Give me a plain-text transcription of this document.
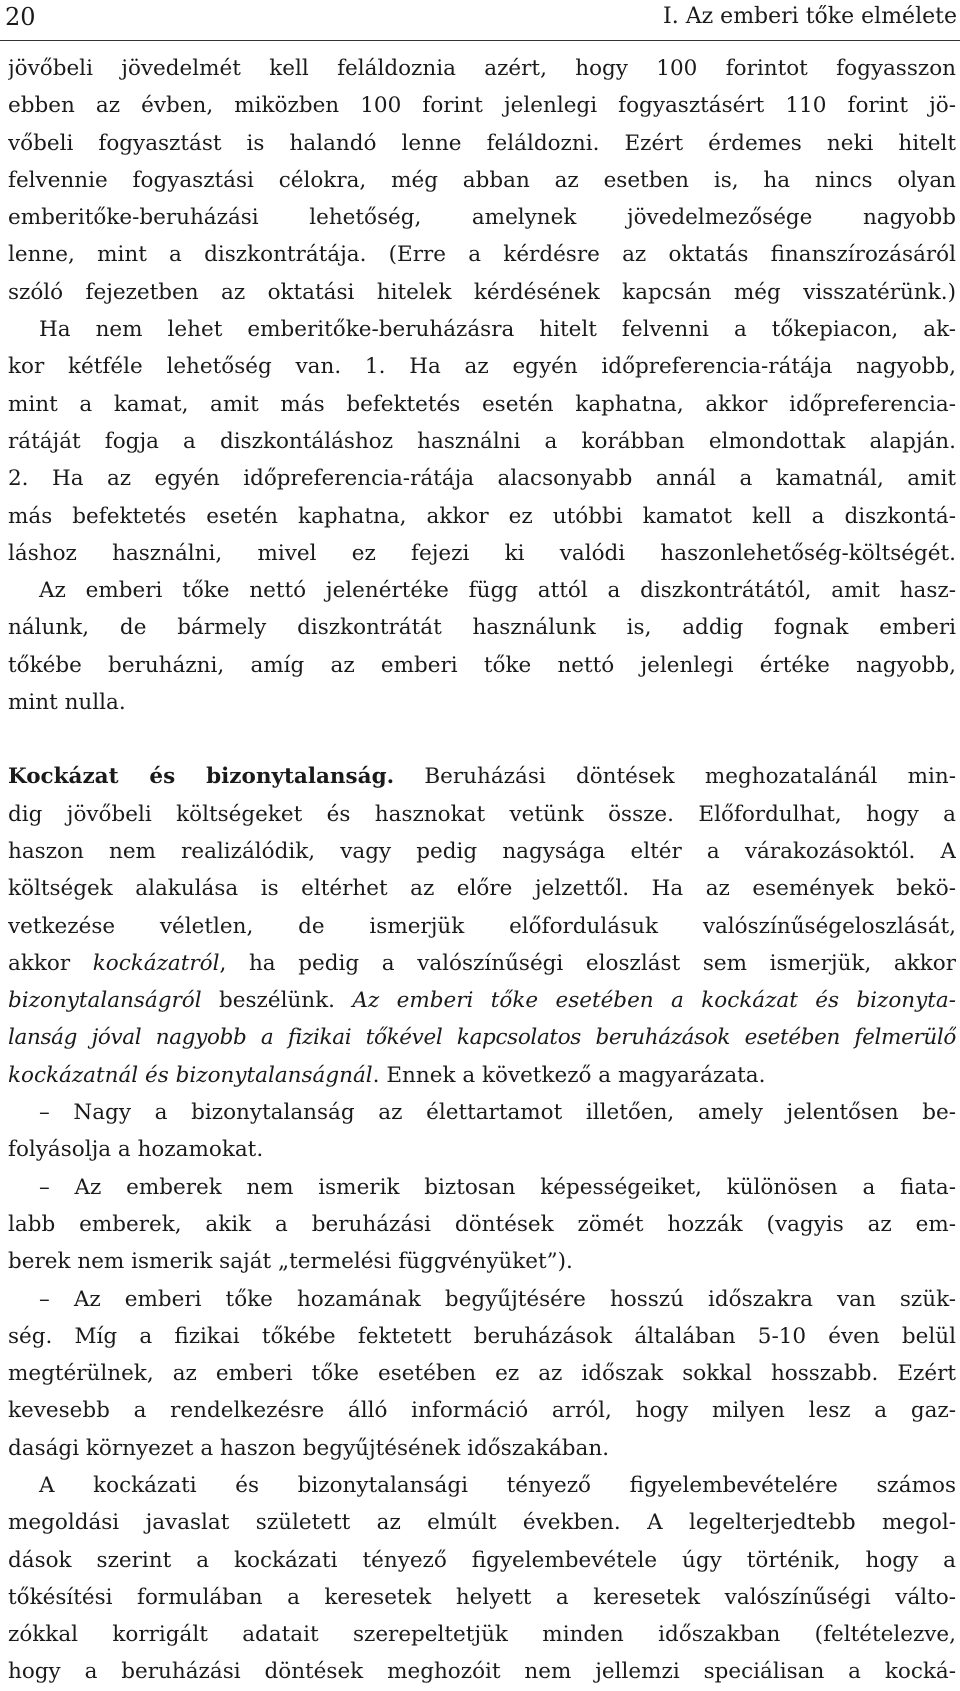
20	I. Az emberi tőke elmélete
jövőbeli jövedelmét kell feláldoznia azért, hogy 100 forintot fogyasszon
ebben az évben, miközben 100 forint jelenlegi fogyasztásért 110 forint jö-
vőbeli fogyasztást is halandó lenne feláldozni. Ezért érdemes neki hitelt
felvennie fogyasztási célokra, még abban az esetben is, ha nincs olyan
emberitőke-beruházási lehetőség, amelynek jövedelmezősége nagyobb
lenne, mint a diszkontrátája. (Erre a kérdésre az oktatás finanszírozásáról
szóló fejezetben az oktatási hitelek kérdésének kapcsán még visszatérünk.)
Ha nem lehet emberitőke-beruházásra hitelt felvenni a tőkepiacon, ak-
kor kétféle lehetőség van. 1. Ha az egyén időpreferencia-rátája nagyobb,
mint a kamat, amit más befektetés esetén kaphatna, akkor időpreferencia-
rátáját fogja a diszkontáláshoz használni a korábban elmondottak alapján.
2. Ha az egyén időpreferencia-rátája alacsonyabb annál a kamatnál, amit
más befektetés esetén kaphatna, akkor ez utóbbi kamatot kell a diszkontá-
láshoz használni, mivel ez fejezi ki valódi haszonlehetőség-költségét.
Az emberi tőke nettó jelenértéke függ attól a diszkontrátától, amit hasz-
nálunk, de bármely diszkontrátát használunk is, addig fognak emberi
tőkébe beruházni, amíg az emberi tőke nettó jelenlegi értéke nagyobb,
mint nulla.
Kockázat és bizonytalanság. Beruházási döntések meghozatalánál min-
dig jövőbeli költségeket és hasznokat vetünk össze. Előfordulhat, hogy a
haszon nem realizálódik, vagy pedig nagysága eltér a várakozásoktól. A
költségek alakulása is eltérhet az előre jelzettől. Ha az események bekö-
vetkezése véletlen, de ismerjük előfordulásuk valószínűségeloszlását,
akkor kockázatról, ha pedig a valószínűségi eloszlást sem ismerjük, akkor
bizonytalanságról beszélünk. Az emberi tőke esetében a kockázat és bizonyta-
lanság jóval nagyobb a fizikai tőkével kapcsolatos beruházások esetében felmerülő
kockázatnál és bizonytalanságnál. Ennek a következő a magyarázata.
– Nagy a bizonytalanság az élettartamot illetően, amely jelentősen be-
folyásolja a hozamokat.
– Az emberek nem ismerik biztosan képességeiket, különösen a fiata-
labb emberek, akik a beruházási döntések zömét hozzák (vagyis az em-
berek nem ismerik saját „termelési függvényüket”).
– Az emberi tőke hozamának begyűjtésére hosszú időszakra van szük-
ség. Míg a fizikai tőkébe fektetett beruházások általában 5-10 éven belül
megtérülnek, az emberi tőke esetében ez az időszak sokkal hosszabb. Ezért
kevesebb a rendelkezésre álló információ arról, hogy milyen lesz a gaz-
dasági környezet a haszon begyűjtésének időszakában.
A kockázati és bizonytalansági tényező figyelembevételére számos
megoldási javaslat született az elmúlt években. A legelterjedtebb megol-
dások szerint a kockázati tényező figyelembevétele úgy történik, hogy a
tőkésítési formulában a keresetek helyett a keresetek valószínűségi válto-
zókkal korrigált adatait szerepeltetjük minden időszakban (feltételezve,
hogy a beruházási döntések meghozóit nem jellemzi speciálisan a kocká-
